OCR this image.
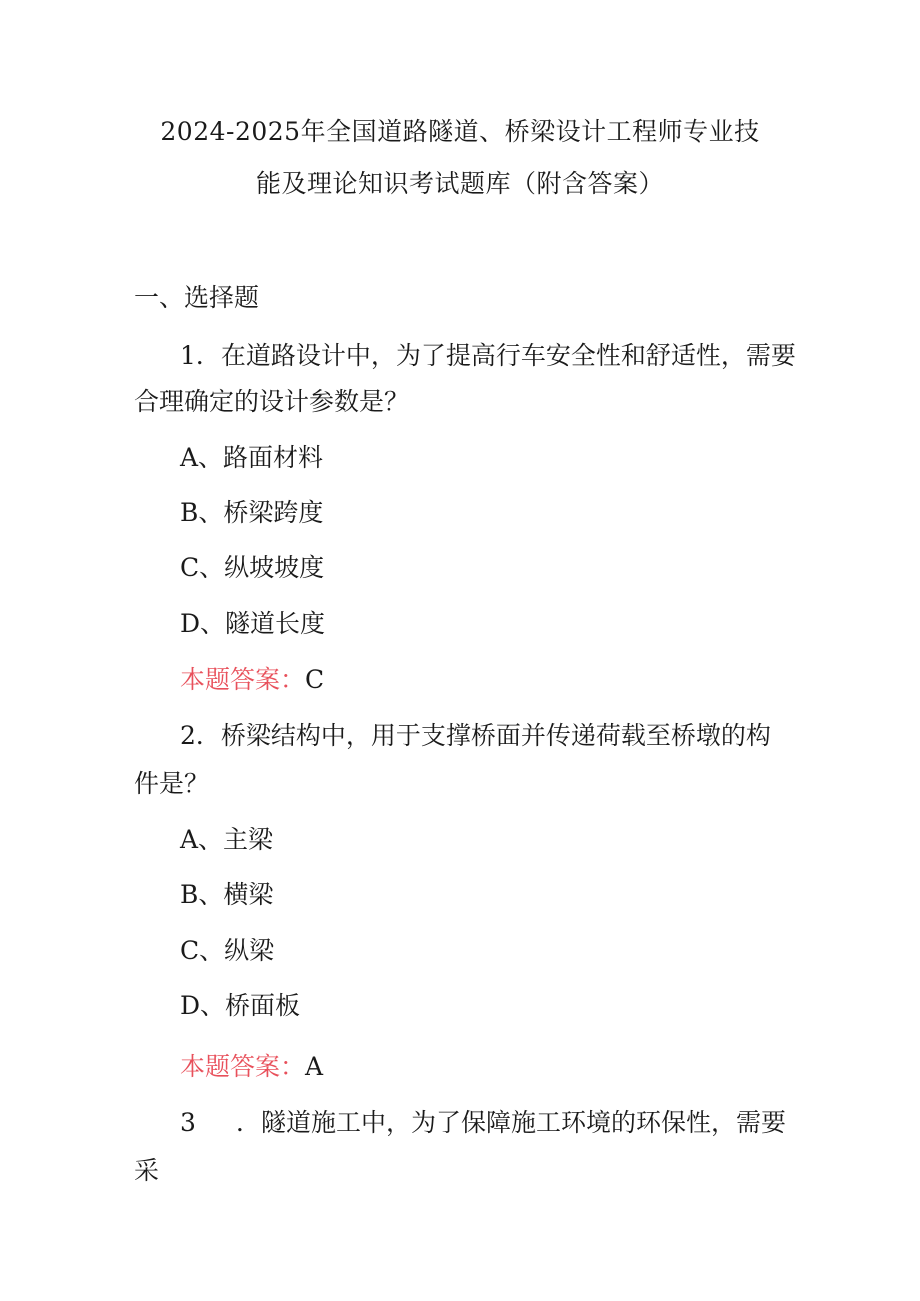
2024-2025年全国道路隧道、桥梁设计工程师专业技
能及理论知识考试题库（附含答案）
一、选择题
1．在道路设计中，为了提高行车安全性和舒适性，需要
合理确定的设计参数是？
A、路面材料
B、桥梁跨度
C、纵坡坡度
D、隧道长度
本题答案：C
2．桥梁结构中，用于支撑桥面并传递荷载至桥墩的构
件是？
A、主梁
B、横梁
C、纵梁
D、桥面板
本题答案：A
3 ．隧道施工中，为了保障施工环境的环保性，需要
采
